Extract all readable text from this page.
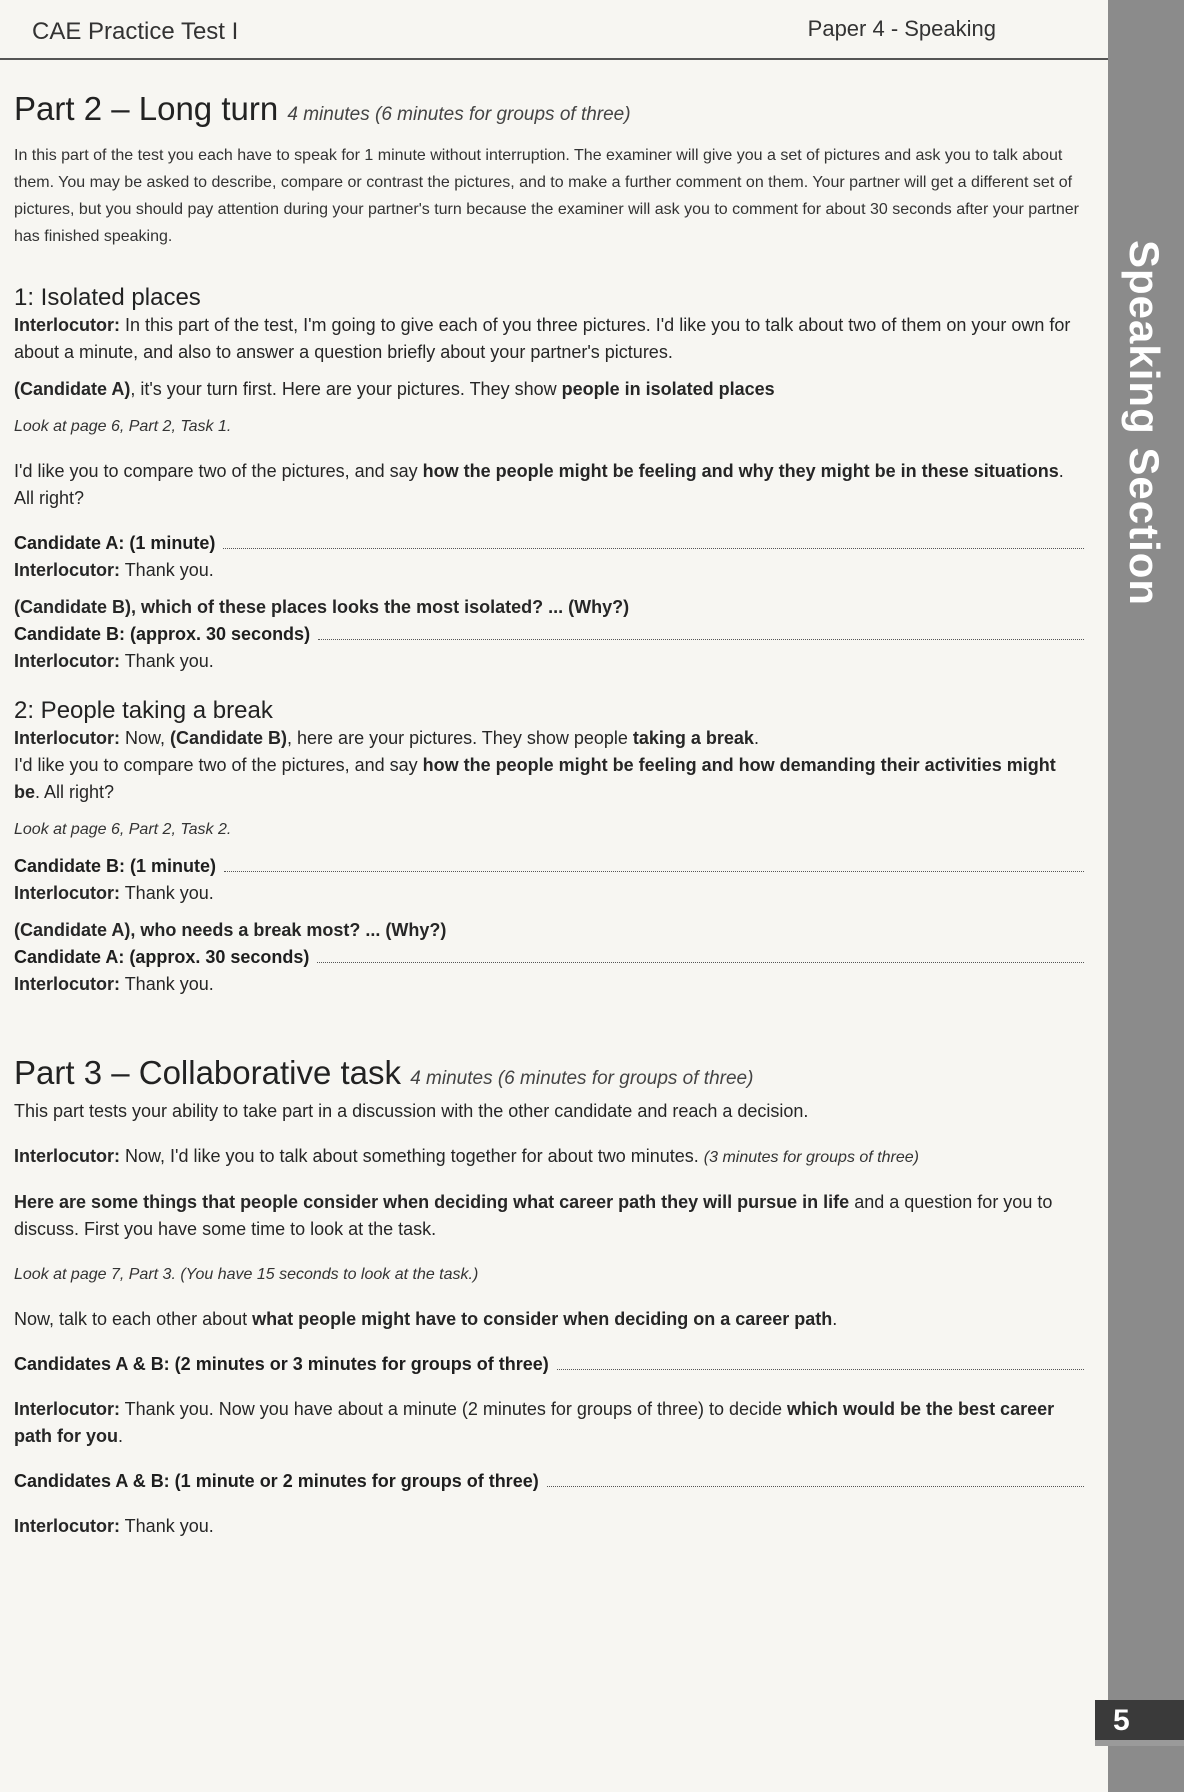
CAE Practice Test I	Paper 4 - Speaking
Part 2 – Long turn 4 minutes (6 minutes for groups of three)

In this part of the test you each have to speak for 1 minute without interruption. The examiner will give you a set of pictures and ask you to talk about them. You may be asked to describe, compare or contrast the pictures, and to make a further comment on them. Your partner will get a different set of pictures, but you should pay attention during your partner's turn because the examiner will ask you to comment for about 30 seconds after your partner has finished speaking.

1: Isolated places

Interlocutor: In this part of the test, I'm going to give each of you three pictures. I'd like you to talk about two of them on your own for about a minute, and also to answer a question briefly about your partner's pictures.

(Candidate A), it's your turn first. Here are your pictures. They show people in isolated places

Look at page 6, Part 2, Task 1.

I'd like you to compare two of the pictures, and say how the people might be feeling and why they might be in these situations. All right?

Candidate A: (1 minute)

Interlocutor: Thank you.

(Candidate B), which of these places looks the most isolated? ... (Why?)

Candidate B: (approx. 30 seconds)

Interlocutor: Thank you.

2: People taking a break

Interlocutor: Now, (Candidate B), here are your pictures. They show people taking a break.

I'd like you to compare two of the pictures, and say how the people might be feeling and how demanding their activities might be. All right?

Look at page 6, Part 2, Task 2.

Candidate B: (1 minute)

Interlocutor: Thank you.

(Candidate A), who needs a break most? ... (Why?)

Candidate A: (approx. 30 seconds)

Interlocutor: Thank you.

Part 3 – Collaborative task 4 minutes (6 minutes for groups of three)

This part tests your ability to take part in a discussion with the other candidate and reach a decision.

Interlocutor: Now, I'd like you to talk about something together for about two minutes. (3 minutes for groups of three)

Here are some things that people consider when deciding what career path they will pursue in life and a question for you to discuss. First you have some time to look at the task.

Look at page 7, Part 3. (You have 15 seconds to look at the task.)

Now, talk to each other about what people might have to consider when deciding on a career path.

Candidates A & B: (2 minutes or 3 minutes for groups of three)

Interlocutor: Thank you. Now you have about a minute (2 minutes for groups of three) to decide which would be the best career path for you.

Candidates A & B: (1 minute or 2 minutes for groups of three)

Interlocutor: Thank you.

Speaking Section
5
